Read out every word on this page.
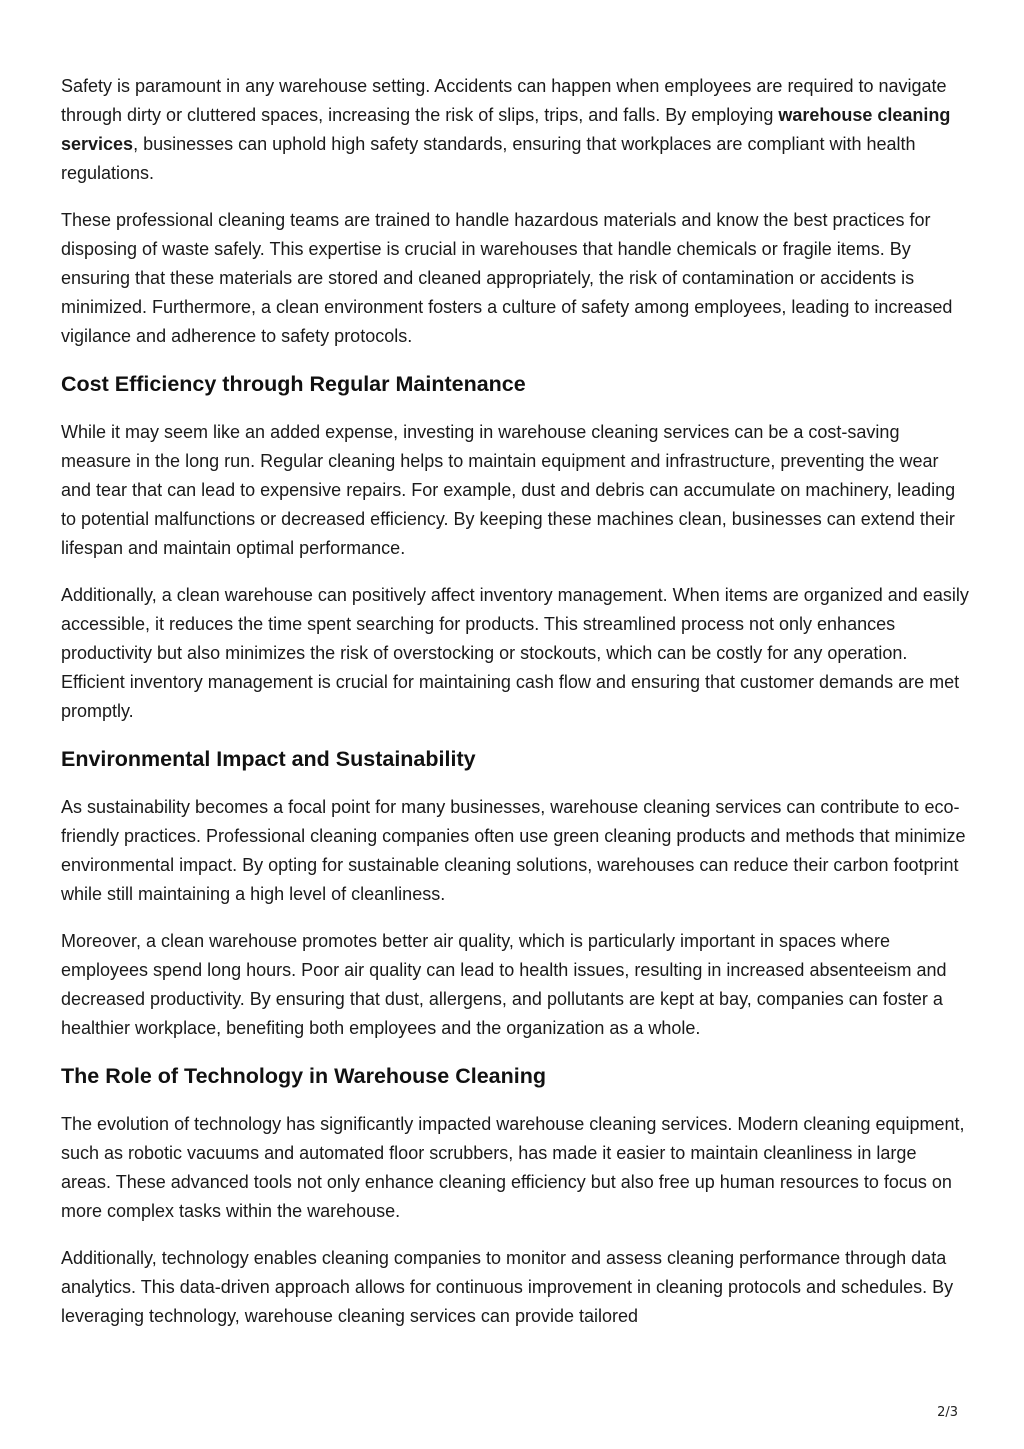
Safety is paramount in any warehouse setting. Accidents can happen when employees are required to navigate through dirty or cluttered spaces, increasing the risk of slips, trips, and falls. By employing warehouse cleaning services, businesses can uphold high safety standards, ensuring that workplaces are compliant with health regulations.

These professional cleaning teams are trained to handle hazardous materials and know the best practices for disposing of waste safely. This expertise is crucial in warehouses that handle chemicals or fragile items. By ensuring that these materials are stored and cleaned appropriately, the risk of contamination or accidents is minimized. Furthermore, a clean environment fosters a culture of safety among employees, leading to increased vigilance and adherence to safety protocols.

Cost Efficiency through Regular Maintenance

While it may seem like an added expense, investing in warehouse cleaning services can be a cost-saving measure in the long run. Regular cleaning helps to maintain equipment and infrastructure, preventing the wear and tear that can lead to expensive repairs. For example, dust and debris can accumulate on machinery, leading to potential malfunctions or decreased efficiency. By keeping these machines clean, businesses can extend their lifespan and maintain optimal performance.

Additionally, a clean warehouse can positively affect inventory management. When items are organized and easily accessible, it reduces the time spent searching for products. This streamlined process not only enhances productivity but also minimizes the risk of overstocking or stockouts, which can be costly for any operation. Efficient inventory management is crucial for maintaining cash flow and ensuring that customer demands are met promptly.

Environmental Impact and Sustainability

As sustainability becomes a focal point for many businesses, warehouse cleaning services can contribute to eco-friendly practices. Professional cleaning companies often use green cleaning products and methods that minimize environmental impact. By opting for sustainable cleaning solutions, warehouses can reduce their carbon footprint while still maintaining a high level of cleanliness.

Moreover, a clean warehouse promotes better air quality, which is particularly important in spaces where employees spend long hours. Poor air quality can lead to health issues, resulting in increased absenteeism and decreased productivity. By ensuring that dust, allergens, and pollutants are kept at bay, companies can foster a healthier workplace, benefiting both employees and the organization as a whole.

The Role of Technology in Warehouse Cleaning

The evolution of technology has significantly impacted warehouse cleaning services. Modern cleaning equipment, such as robotic vacuums and automated floor scrubbers, has made it easier to maintain cleanliness in large areas. These advanced tools not only enhance cleaning efficiency but also free up human resources to focus on more complex tasks within the warehouse.

Additionally, technology enables cleaning companies to monitor and assess cleaning performance through data analytics. This data-driven approach allows for continuous improvement in cleaning protocols and schedules. By leveraging technology, warehouse cleaning services can provide tailored

2/3
